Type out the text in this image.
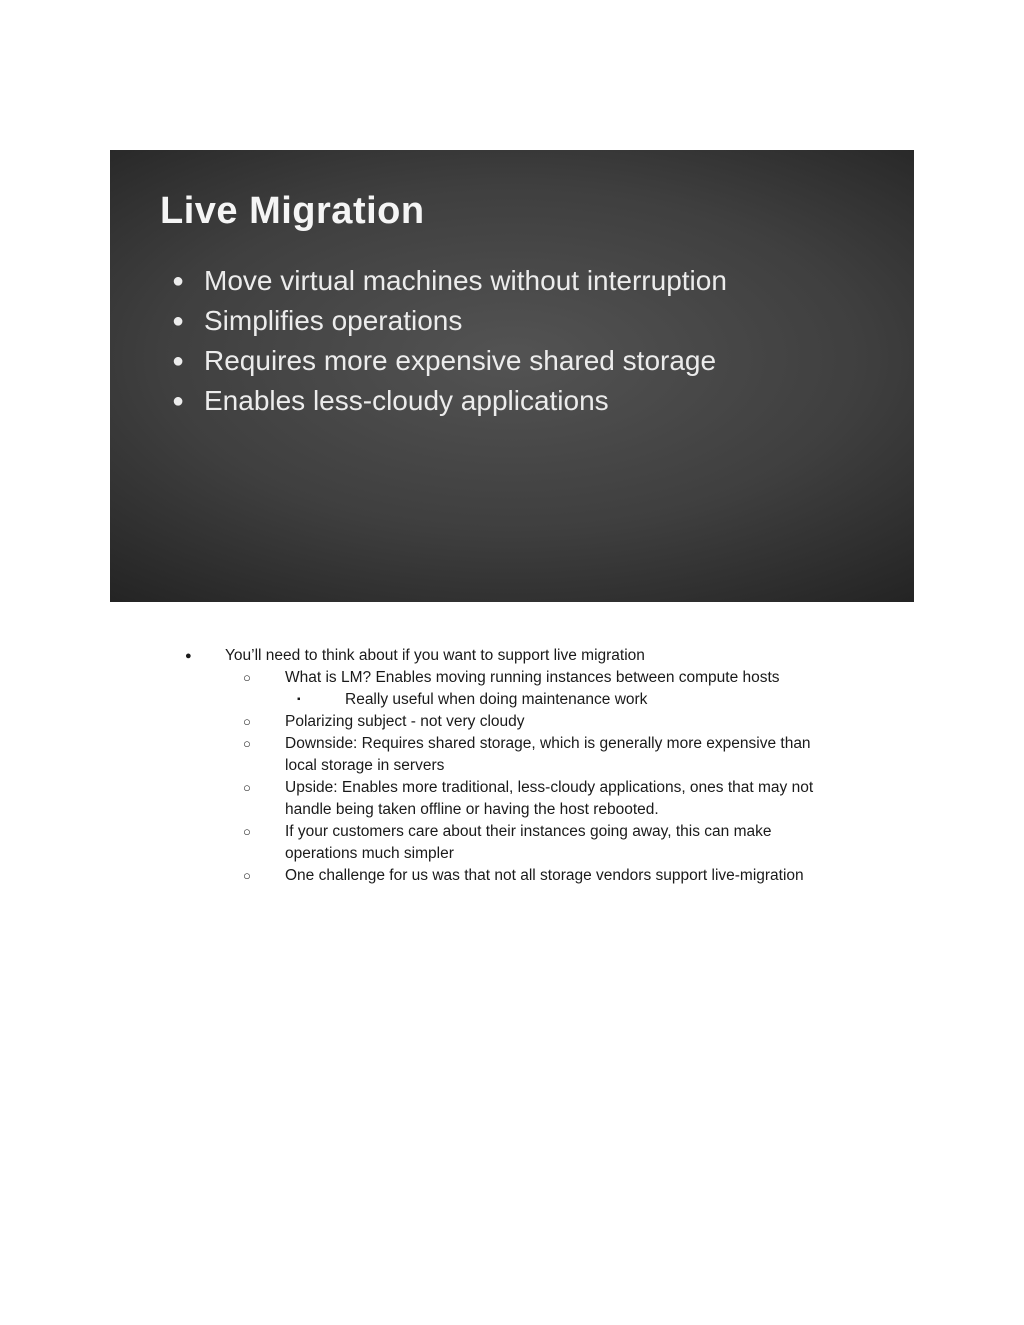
Live Migration
● Move virtual machines without interruption
● Simplifies operations
● Requires more expensive shared storage
● Enables less-cloudy applications
●	You’ll need to think about if you want to support live migration
○	What is LM? Enables moving running instances between compute hosts
▪	Really useful when doing maintenance work
○	Polarizing subject - not very cloudy
○	Downside: Requires shared storage, which is generally more expensive than local storage in servers
○	Upside: Enables more traditional, less-cloudy applications, ones that may not handle being taken offline or having the host rebooted.
○	If your customers care about their instances going away, this can make operations much simpler
○	One challenge for us was that not all storage vendors support live-migration
